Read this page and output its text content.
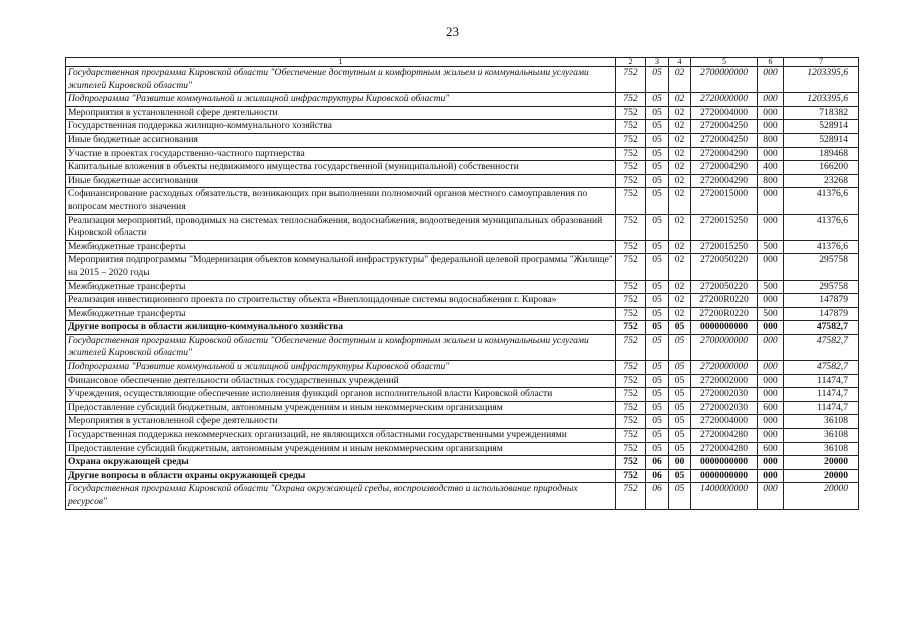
23
1	2	3	4	5	6	7
Государственная программа Кировской области "Обеспечение доступным и комфортным жильем и коммунальными услугами жителей Кировской области"	752	05	02	2700000000	000	1203395,6
Подпрограмма "Развитие коммунальной и жилищной инфраструктуры Кировской области"	752	05	02	2720000000	000	1203395,6
Мероприятия в установленной сфере деятельности	752	05	02	2720004000	000	718382
Государственная поддержка жилищно-коммунального хозяйства	752	05	02	2720004250	000	528914
Иные бюджетные ассигнования	752	05	02	2720004250	800	528914
Участие в проектах государственно-частного партнерства	752	05	02	2720004290	000	189468
Капитальные вложения в объекты недвижимого имущества государственной (муниципальной) собственности	752	05	02	2720004290	400	166200
Иные бюджетные ассигнования	752	05	02	2720004290	800	23268
Софинансирование расходных обязательств, возникающих при выполнении полномочий органов местного самоуправления по вопросам местного значения	752	05	02	2720015000	000	41376,6
Реализация мероприятий, проводимых на системах теплоснабжения, водоснабжения, водоотведения муниципальных образований Кировской области	752	05	02	2720015250	000	41376,6
Межбюджетные трансферты	752	05	02	2720015250	500	41376,6
Мероприятия подпрограммы "Модернизация объектов коммунальной инфраструктуры" федеральной целевой программы "Жилище" на 2015 – 2020 годы	752	05	02	2720050220	000	295758
Межбюджетные трансферты	752	05	02	2720050220	500	295758
Реализация инвестиционного проекта по строительству объекта «Внеплощадочные системы водоснабжения г. Кирова»	752	05	02	27200R0220	000	147879
Межбюджетные трансферты	752	05	02	27200R0220	500	147879
Другие вопросы в области жилищно-коммунального хозяйства	752	05	05	0000000000	000	47582,7
Государственная программа Кировской области "Обеспечение доступным и комфортным жильем и коммунальными услугами жителей Кировской области"	752	05	05	2700000000	000	47582,7
Подпрограмма "Развитие коммунальной и жилищной инфраструктуры Кировской области"	752	05	05	2720000000	000	47582,7
Финансовое обеспечение деятельности областных государственных учреждений	752	05	05	2720002000	000	11474,7
Учреждения, осуществляющие обеспечение исполнения функций органов исполнительной власти Кировской области	752	05	05	2720002030	000	11474,7
Предоставление субсидий бюджетным, автономным учреждениям и иным некоммерческим организациям	752	05	05	2720002030	600	11474,7
Мероприятия в установленной сфере деятельности	752	05	05	2720004000	000	36108
Государственная поддержка некоммерческих организаций, не являющихся областными государственными учреждениями	752	05	05	2720004280	000	36108
Предоставление субсидий бюджетным, автономным учреждениям и иным некоммерческим организациям	752	05	05	2720004280	600	36108
Охрана окружающей среды	752	06	00	0000000000	000	20000
Другие вопросы в области охраны окружающей среды	752	06	05	0000000000	000	20000
Государственная программа Кировской области "Охрана окружающей среды, воспроизводство и использование природных ресурсов"	752	06	05	1400000000	000	20000
